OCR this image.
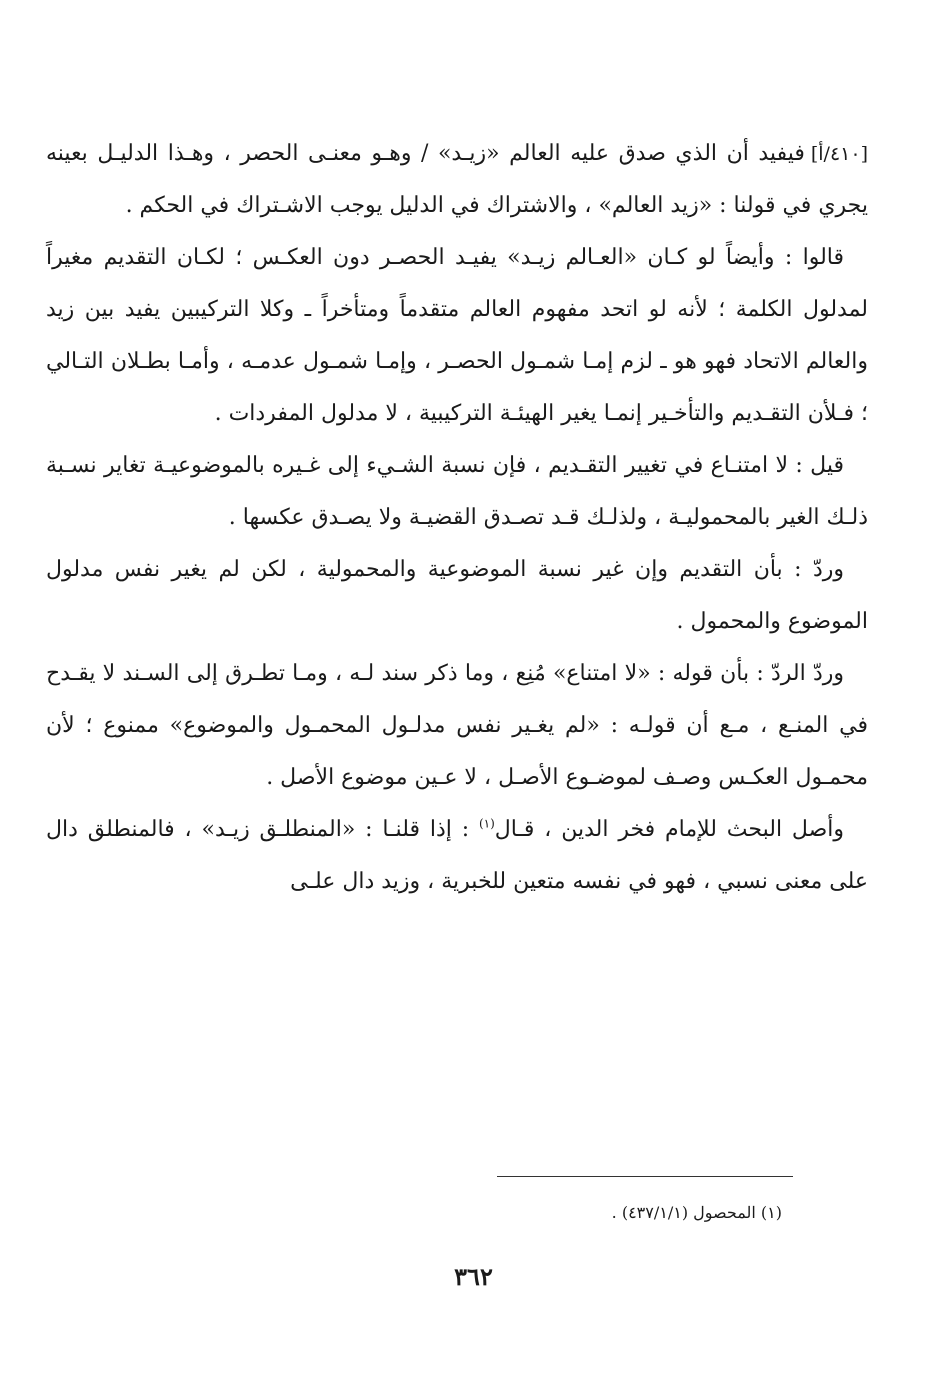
[٤١٠/أ]فيفيد أن الذي صدق عليه العالم «زيـد» / وهـو معنـى الحصر ، وهـذا الدليـل بعينه يجري في قولنا : «زيد العالم» ، والاشتراك في الدليل يوجب الاشـتراك في الحكم .

قالوا : وأيضاً لو كـان «العـالم زيـد» يفيـد الحصـر دون العكـس ؛ لكـان التقديم مغيراً لمدلول الكلمة ؛ لأنه لو اتحد مفهوم العالم متقدماً ومتأخراً ـ وكلا التركيبين يفيد بين زيد والعالم الاتحاد فهو هو ـ لزم إمـا شمـول الحصـر ، وإمـا شمـول عدمـه ، وأمـا بطـلان التـالي ؛ فـلأن التقـديم والتأخـير إنمـا يغير الهيئـة التركيبية ، لا مدلول المفردات .

قيل : لا امتنـاع في تغيير التقـديم ، فإن نسبة الشـيء إلى غـيره بالموضوعيـة تغاير نسـبة ذلـك الغير بالمحموليـة ، ولذلـك قـد تصـدق القضيـة ولا يصـدق عكسها .

وردّ : بأن التقديم وإن غير نسبة الموضوعية والمحمولية ، لكن لم يغير نفس مدلول الموضوع والمحمول .

وردّ الردّ : بأن قوله : «لا امتناع» مُنِع ، وما ذكر سند لـه ، ومـا تطـرق إلى السـند لا يقـدح في المنـع ، مـع أن قولـه : «لم يغـير نفس مدلـول المحمـول والموضوع» ممنوع ؛ لأن محمـول العكـس وصـف لموضـوع الأصـل ، لا عـين موضوع الأصل .

وأصل البحث للإمام فخر الدين ، قـال$^{(١)}$ : إذا قلنـا : «المنطلـق زيـد» ، فالمنطلق دال على معنى نسبي ، فهو في نفسه متعين للخبرية ، وزيد دال علـى

(١) المحصول (٤٣٧/١/١) .
٣٦٢
